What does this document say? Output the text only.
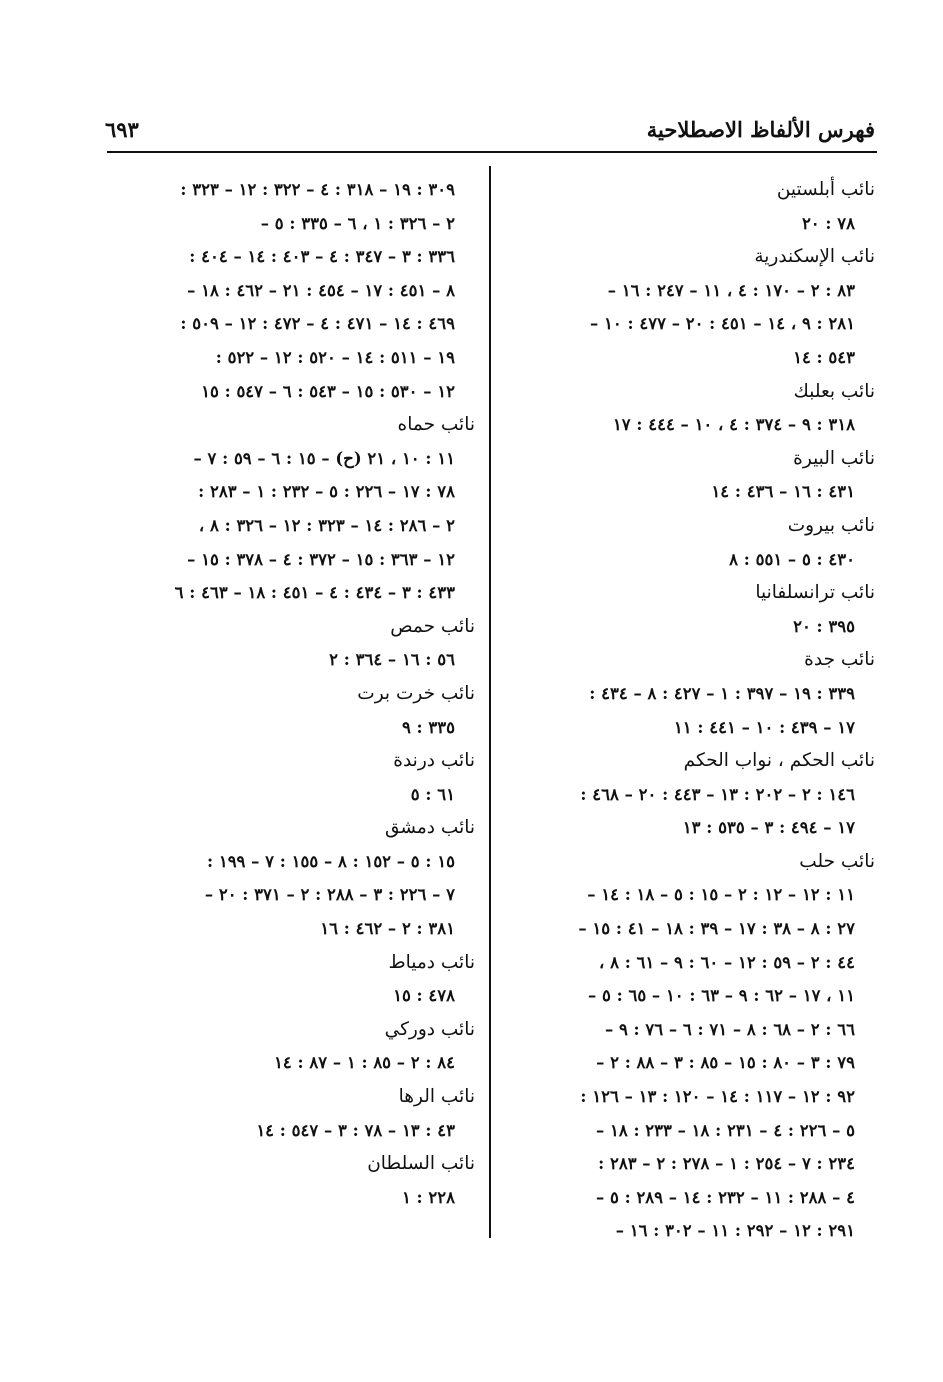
فهرس الألفاظ الاصطلاحية
٦٩٣
نائب أبلستين
٧٨ : ٢٠
نائب الإسكندرية
٨٣ : ٢ – ١٧٠ : ٤ ، ١١ – ٢٤٧ : ١٦ –
٢٨١ : ٩ ، ١٤ – ٤٥١ : ٢٠ – ٤٧٧ : ١٠ –
٥٤٣ : ١٤
نائب بعلبك
٣١٨ : ٩ – ٣٧٤ : ٤ ، ١٠ – ٤٤٤ : ١٧
نائب البيرة
٤٣١ : ١٦ – ٤٣٦ : ١٤
نائب بيروت
٤٣٠ : ٥ – ٥٥١ : ٨
نائب ترانسلفانيا
٣٩٥ : ٢٠
نائب جدة
٣٣٩ : ١٩ – ٣٩٧ : ١ – ٤٢٧ : ٨ – ٤٣٤ :
١٧ – ٤٣٩ : ١٠ – ٤٤١ : ١١
نائب الحكم ، نواب الحكم
١٤٦ : ٢ – ٢٠٢ : ١٣ – ٤٤٣ : ٢٠ – ٤٦٨ :
١٧ – ٤٩٤ : ٣ – ٥٣٥ : ١٣
نائب حلب
١١ : ١٢ – ١٢ : ٢ – ١٥ : ٥ – ١٨ : ١٤ –
٢٧ : ٨ – ٣٨ : ١٧ – ٣٩ : ١٨ – ٤١ : ١٥ –
٤٤ : ٢ – ٥٩ : ١٢ – ٦٠ : ٩ – ٦١ : ٨ ،
١١ ، ١٧ – ٦٢ : ٩ – ٦٣ : ١٠ – ٦٥ : ٥ –
٦٦ : ٢ – ٦٨ : ٨ – ٧١ : ٦ – ٧٦ : ٩ –
٧٩ : ٣ – ٨٠ : ١٥ – ٨٥ : ٣ – ٨٨ : ٢ –
٩٢ : ١٢ – ١١٧ : ١٤ – ١٢٠ : ١٣ – ١٢٦ :
٥ – ٢٢٦ : ٤ – ٢٣١ : ١٨ – ٢٣٣ : ١٨ –
٢٣٤ : ٧ – ٢٥٤ : ١ – ٢٧٨ : ٢ – ٢٨٣ :
٤ – ٢٨٨ : ١١ – ٢٣٢ : ١٤ – ٢٨٩ : ٥ –
٢٩١ : ١٢ – ٢٩٢ : ١١ – ٣٠٢ : ١٦ –
٣٠٩ : ١٩ – ٣١٨ : ٤ – ٣٢٢ : ١٢ – ٣٢٣ :
٢ – ٣٢٦ : ١ ، ٦ – ٣٣٥ : ٥ –
٣٣٦ : ٣ – ٣٤٧ : ٤ – ٤٠٣ : ١٤ – ٤٠٤ :
٨ – ٤٥١ : ١٧ – ٤٥٤ : ٢١ – ٤٦٢ : ١٨ –
٤٦٩ : ١٤ – ٤٧١ : ٤ – ٤٧٢ : ١٢ – ٥٠٩ :
١٩ – ٥١١ : ١٤ – ٥٢٠ : ١٢ – ٥٢٢ :
١٢ – ٥٣٠ : ١٥ – ٥٤٣ : ٦ – ٥٤٧ : ١٥
نائب حماه
١١ : ١٠ ، ٢١ (ح) – ١٥ : ٦ – ٥٩ : ٧ –
٧٨ : ١٧ – ٢٢٦ : ٥ – ٢٣٢ : ١ – ٢٨٣ :
٢ – ٢٨٦ : ١٤ – ٣٢٣ : ١٢ – ٣٢٦ : ٨ ،
١٢ – ٣٦٣ : ١٥ – ٣٧٢ : ٤ – ٣٧٨ : ١٥ –
٤٣٣ : ٣ – ٤٣٤ : ٤ – ٤٥١ : ١٨ – ٤٦٣ : ٦
نائب حمص
٥٦ : ١٦ – ٣٦٤ : ٢
نائب خرت برت
٣٣٥ : ٩
نائب درندة
٦١ : ٥
نائب دمشق
١٥ : ٥ – ١٥٢ : ٨ – ١٥٥ : ٧ – ١٩٩ :
٧ – ٢٢٦ : ٣ – ٢٨٨ : ٢ – ٣٧١ : ٢٠ –
٣٨١ : ٢ – ٤٦٢ : ١٦
نائب دمياط
٤٧٨ : ١٥
نائب دوركي
٨٤ : ٢ – ٨٥ : ١ – ٨٧ : ١٤
نائب الرها
٤٣ : ١٣ – ٧٨ : ٣ – ٥٤٧ : ١٤
نائب السلطان
٢٢٨ : ١
